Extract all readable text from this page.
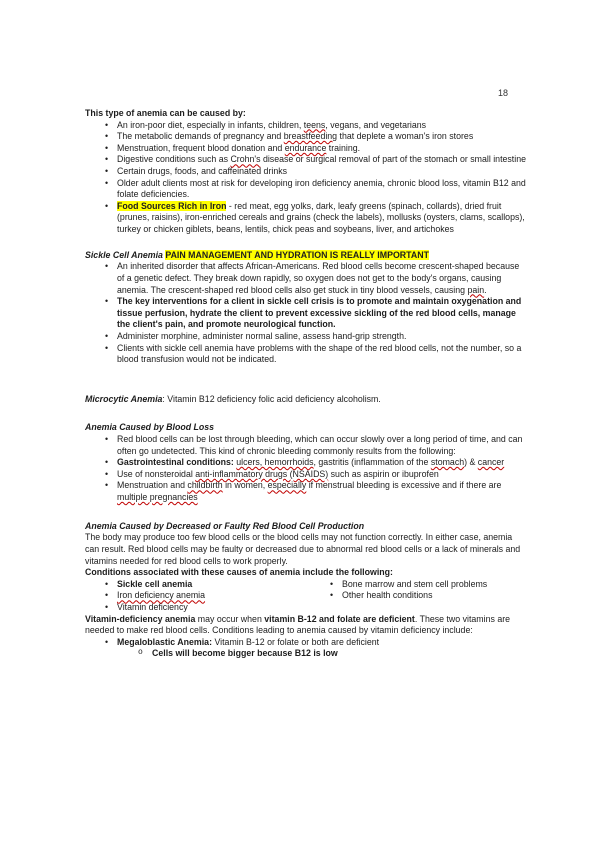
18
This type of anemia can be caused by:
•	An iron-poor diet, especially in infants, children, teens, vegans, and vegetarians
•	The metabolic demands of pregnancy and breastfeeding that deplete a woman's iron stores
•	Menstruation, frequent blood donation and endurance training.
•	Digestive conditions such as Crohn's disease or surgical removal of part of the stomach or small intestine
•	Certain drugs, foods, and caffeinated drinks
•	Older adult clients most at risk for developing iron deficiency anemia, chronic blood loss, vitamin B12 and folate deficiencies.
•	Food Sources Rich in Iron - red meat, egg yolks, dark, leafy greens (spinach, collards), dried fruit (prunes, raisins), iron-enriched cereals and grains (check the labels), mollusks (oysters, clams, scallops), turkey or chicken giblets, beans, lentils, chick peas and soybeans, liver, and artichokes
Sickle Cell Anemia PAIN MANAGEMENT AND HYDRATION IS REALLY IMPORTANT
•	An inherited disorder that affects African-Americans. Red blood cells become crescent-shaped because of a genetic defect. They break down rapidly, so oxygen does not get to the body's organs, causing anemia. The crescent-shaped red blood cells also get stuck in tiny blood vessels, causing pain.
•	The key interventions for a client in sickle cell crisis is to promote and maintain oxygenation and tissue perfusion, hydrate the client to prevent excessive sickling of the red blood cells, manage the client's pain, and promote neurological function.
•	Administer morphine, administer normal saline, assess hand-grip strength.
•	Clients with sickle cell anemia have problems with the shape of the red blood cells, not the number, so a blood transfusion would not be indicated.
Microcytic Anemia: Vitamin B12 deficiency folic acid deficiency alcoholism.
Anemia Caused by Blood Loss
•	Red blood cells can be lost through bleeding, which can occur slowly over a long period of time, and can often go undetected. This kind of chronic bleeding commonly results from the following:
•	Gastrointestinal conditions: ulcers, hemorrhoids, gastritis (inflammation of the stomach) & cancer
•	Use of nonsteroidal anti-inflammatory drugs (NSAIDS) such as aspirin or ibuprofen
•	Menstruation and childbirth in women, especially if menstrual bleeding is excessive and if there are multiple pregnancies
Anemia Caused by Decreased or Faulty Red Blood Cell Production
The body may produce too few blood cells or the blood cells may not function correctly. In either case, anemia can result. Red blood cells may be faulty or decreased due to abnormal red blood cells or a lack of minerals and vitamins needed for red blood cells to work properly.
Conditions associated with these causes of anemia include the following:
•	Sickle cell anemia
•	Iron deficiency anemia
•	Vitamin deficiency
•	Bone marrow and stem cell problems
•	Other health conditions
Vitamin-deficiency anemia may occur when vitamin B-12 and folate are deficient. These two vitamins are needed to make red blood cells. Conditions leading to anemia caused by vitamin deficiency include:
•	Megaloblastic Anemia: Vitamin B-12 or folate or both are deficient
o	Cells will become bigger because B12 is low
